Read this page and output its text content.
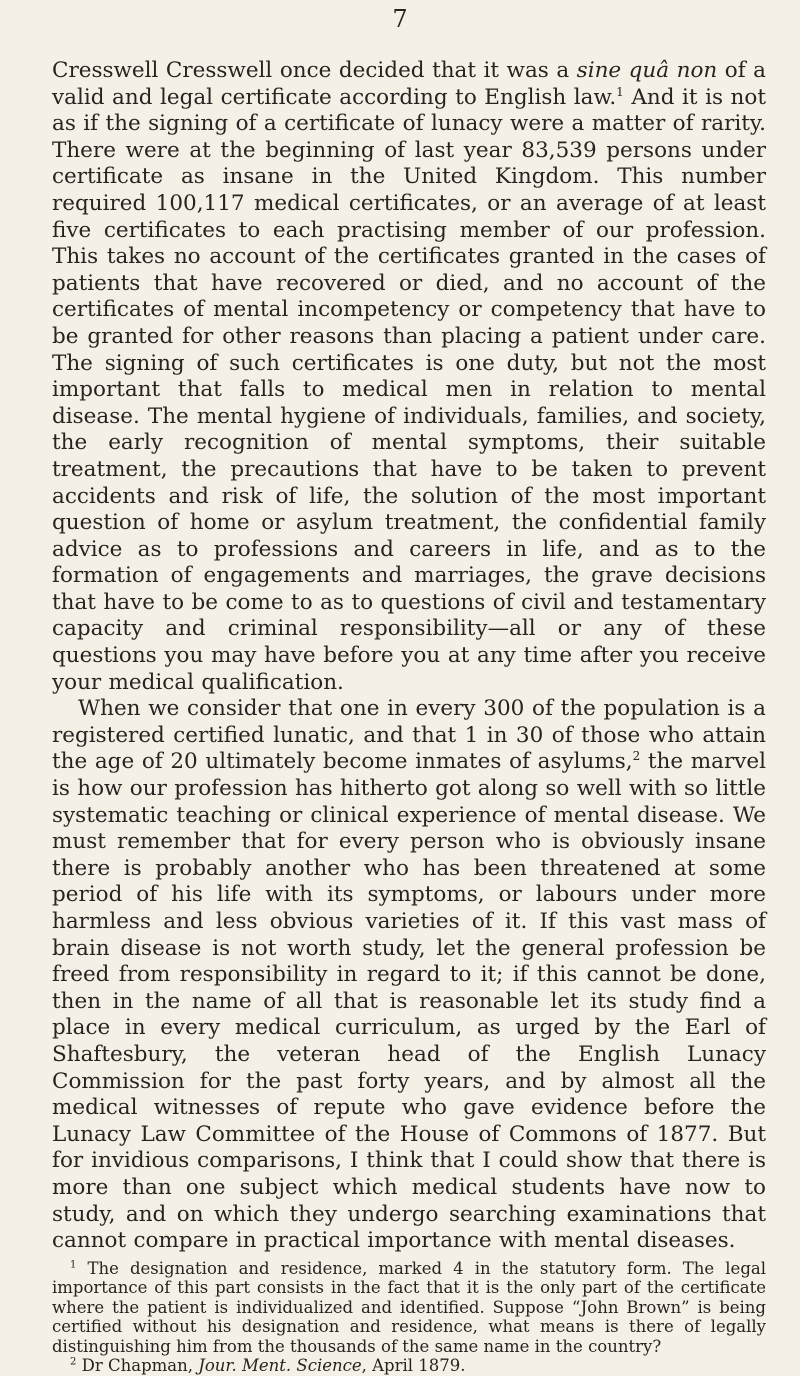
7

Cresswell Cresswell once decided that it was a sine quâ non of a valid and legal certificate according to English law.$^1$ And it is not as if the signing of a certificate of lunacy were a matter of rarity. There were at the beginning of last year 83,539 persons under certificate as insane in the United Kingdom. This number required 100,117 medical certificates, or an average of at least five certificates to each practising member of our profession. This takes no account of the certificates granted in the cases of patients that have recovered or died, and no account of the certificates of mental incompetency or competency that have to be granted for other reasons than placing a patient under care. The signing of such certificates is one duty, but not the most important that falls to medical men in relation to mental disease. The mental hygiene of individuals, families, and society, the early recognition of mental symptoms, their suitable treatment, the precautions that have to be taken to prevent accidents and risk of life, the solution of the most important question of home or asylum treatment, the confidential family advice as to professions and careers in life, and as to the formation of engagements and marriages, the grave decisions that have to be come to as to questions of civil and testamentary capacity and criminal responsibility—all or any of these questions you may have before you at any time after you receive your medical qualification.

When we consider that one in every 300 of the population is a registered certified lunatic, and that 1 in 30 of those who attain the age of 20 ultimately become inmates of asylums,$^2$ the marvel is how our profession has hitherto got along so well with so little systematic teaching or clinical experience of mental disease. We must remember that for every person who is obviously insane there is probably another who has been threatened at some period of his life with its symptoms, or labours under more harmless and less obvious varieties of it. If this vast mass of brain disease is not worth study, let the general profession be freed from responsibility in regard to it; if this cannot be done, then in the name of all that is reasonable let its study find a place in every medical curriculum, as urged by the Earl of Shaftesbury, the veteran head of the English Lunacy Commission for the past forty years, and by almost all the medical witnesses of repute who gave evidence before the Lunacy Law Committee of the House of Commons of 1877. But for invidious comparisons, I think that I could show that there is more than one subject which medical students have now to study, and on which they undergo searching examinations that cannot compare in practical importance with mental diseases.

$^1$ The designation and residence, marked 4 in the statutory form. The legal importance of this part consists in the fact that it is the only part of the certificate where the patient is individualized and identified. Suppose “John Brown” is being certified without his designation and residence, what means is there of legally distinguishing him from the thousands of the same name in the country?

$^2$ Dr Chapman, Jour. Ment. Science, April 1879.
